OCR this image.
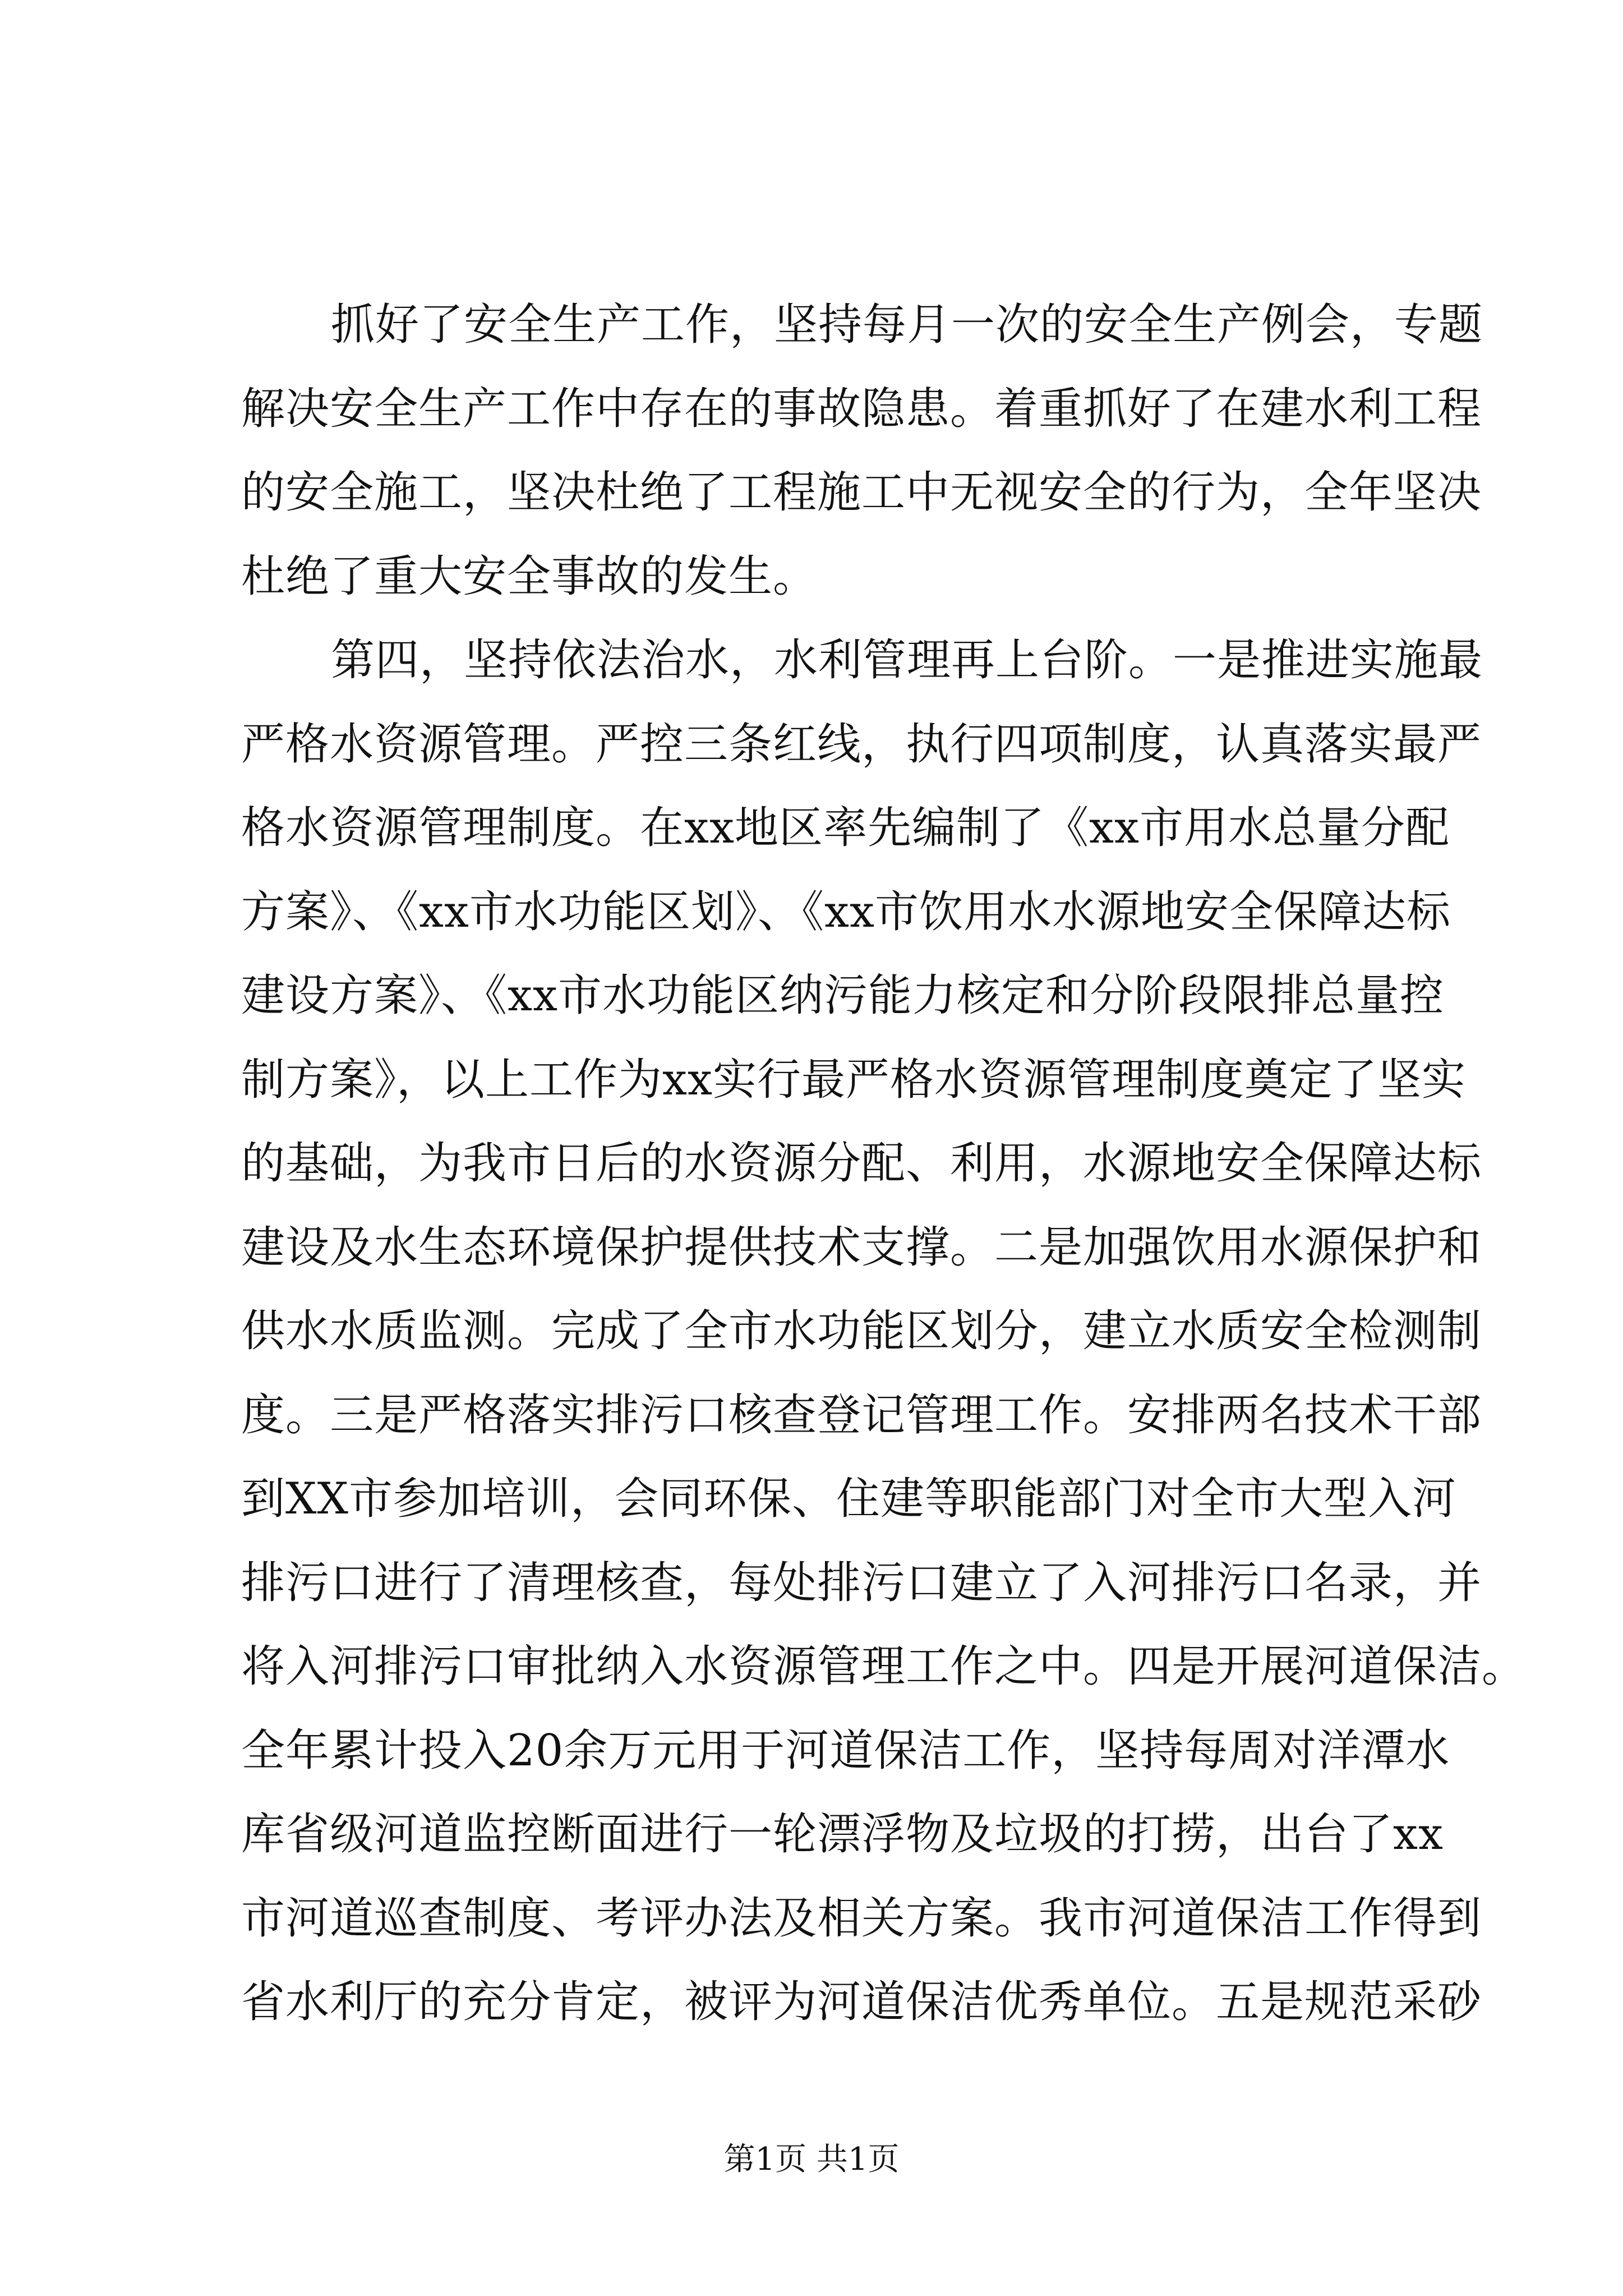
抓好了安全生产工作，坚持每月一次的安全生产例会，专题
解决安全生产工作中存在的事故隐患。着重抓好了在建水利工程
的安全施工，坚决杜绝了工程施工中无视安全的行为，全年坚决
杜绝了重大安全事故的发生。
第四，坚持依法治水，水利管理再上台阶。一是推进实施最
严格水资源管理。严控三条红线，执行四项制度，认真落实最严
格水资源管理制度。在xx地区率先编制了《xx市用水总量分配
方案》、《xx市水功能区划》、《xx市饮用水水源地安全保障达标
建设方案》、《xx市水功能区纳污能力核定和分阶段限排总量控
制方案》，以上工作为xx实行最严格水资源管理制度奠定了坚实
的基础，为我市日后的水资源分配、利用，水源地安全保障达标
建设及水生态环境保护提供技术支撑。二是加强饮用水源保护和
供水水质监测。完成了全市水功能区划分，建立水质安全检测制
度。三是严格落实排污口核查登记管理工作。安排两名技术干部
到XX市参加培训，会同环保、住建等职能部门对全市大型入河
排污口进行了清理核查，每处排污口建立了入河排污口名录，并
将入河排污口审批纳入水资源管理工作之中。四是开展河道保洁。
全年累计投入20余万元用于河道保洁工作，坚持每周对洋潭水
库省级河道监控断面进行一轮漂浮物及垃圾的打捞，出台了xx
市河道巡查制度、考评办法及相关方案。我市河道保洁工作得到
省水利厅的充分肯定，被评为河道保洁优秀单位。五是规范采砂
第1页 共1页
